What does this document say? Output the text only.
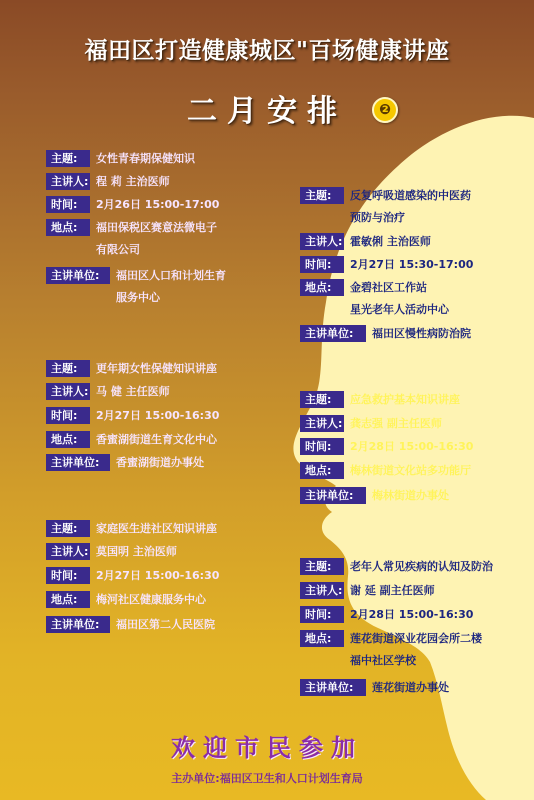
福田区打造健康城区"百场健康讲座
二月安排	❷
主题:	女性青春期保健知识
主讲人: 程 莉 主治医师
时间:	2月26日 15:00-17:00
地点:	福田保税区赛意法微电子
有限公司
主讲单位:	福田区人口和计划生育
服务中心
主题:	更年期女性保健知识讲座
主讲人: 马 健 主任医师
时间:	2月27日 15:00-16:30
地点:	香蜜湖街道生育文化中心
主讲单位:	香蜜湖街道办事处
主题:	家庭医生进社区知识讲座
主讲人: 莫国明 主治医师
时间:	2月27日 15:00-16:30
地点:	梅河社区健康服务中心
主讲单位:	福田区第二人民医院
主题:	反复呼吸道感染的中医药
预防与治疗
主讲人: 霍敏俐 主治医师
时间:	2月27日 15:30-17:00
地点:	金碧社区工作站
星光老年人活动中心
主讲单位:	福田区慢性病防治院
主题:	应急救护基本知识讲座
主讲人: 龚志强 副主任医师
时间:	2月28日 15:00-16:30
地点:	梅林街道文化站多功能厅
主讲单位:	梅林街道办事处
主题:	老年人常见疾病的认知及防治
主讲人: 谢 延 副主任医师
时间:	2月28日 15:00-16:30
地点:	莲花街道深业花园会所二楼
福中社区学校
主讲单位:	莲花街道办事处
欢迎市民参加
主办单位:福田区卫生和人口计划生育局
